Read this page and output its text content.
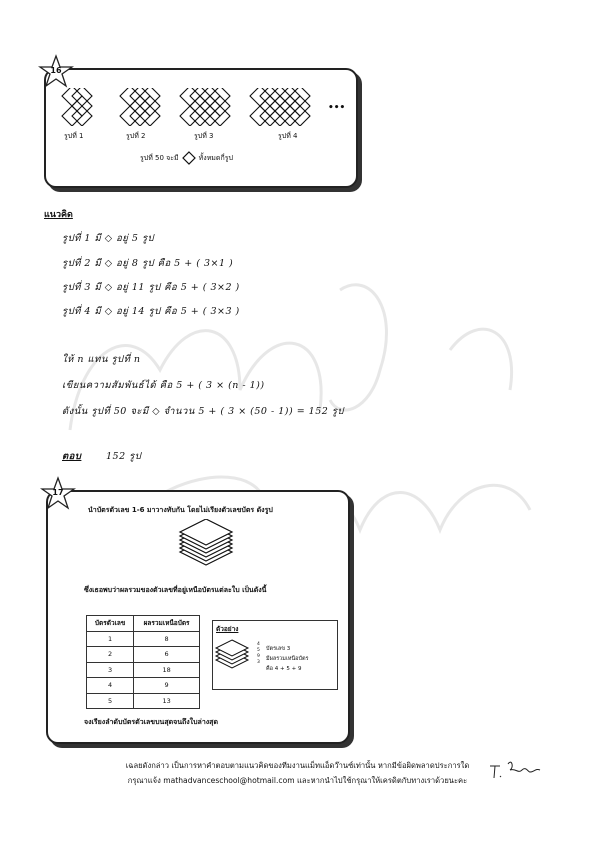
16
รูปที่ 1	รูปที่ 2	รูปที่ 3	รูปที่ 4
•••
รูปที่ 50 จะมี	ทั้งหมดกี่รูป
แนวคิด
รูปที่ 1 มี ◇ อยู่ 5 รูป
รูปที่ 2 มี ◇ อยู่ 8 รูป คือ 5 + ( 3×1 )
รูปที่ 3 มี ◇ อยู่ 11 รูป คือ 5 + ( 3×2 )
รูปที่ 4 มี ◇ อยู่ 14 รูป คือ 5 + ( 3×3 )
ให้ n แทน รูปที่ n
เขียนความสัมพันธ์ได้ คือ 5 + ( 3 × (n - 1))
ดังนั้น รูปที่ 50 จะมี ◇ จำนวน 5 + ( 3 × (50 - 1)) = 152 รูป
ตอบ	152 รูป
17
นำบัตรตัวเลข 1-6 มาวางทับกัน โดยไม่เรียงตัวเลขบัตร ดังรูป
ซึ่งเธอพบว่าผลรวมของตัวเลขที่อยู่เหนือบัตรแต่ละใบ เป็นดังนี้
บัตรตัวเลข	ผลรวมเหนือบัตร
1	8
2	6
3	18
4	9
5	13
ตัวอย่าง
4
5
9
3
บัตรเลข 3
มีผลรวมเหนือบัตร
คือ 4 + 5 + 9
จงเรียงลำดับบัตรตัวเลขบนสุดจนถึงใบล่างสุด
เฉลยดังกล่าว เป็นการหาคำตอบตามแนวคิดของทีมงานแม็ทแอ็ดว๊านซ์เท่านั้น หากมีข้อผิดพลาดประการใด
กรุณาแจ้ง mathadvanceschool@hotmail.com และหากนำไปใช้กรุณาให้เครดิตกับทางเราด้วยนะคะ
